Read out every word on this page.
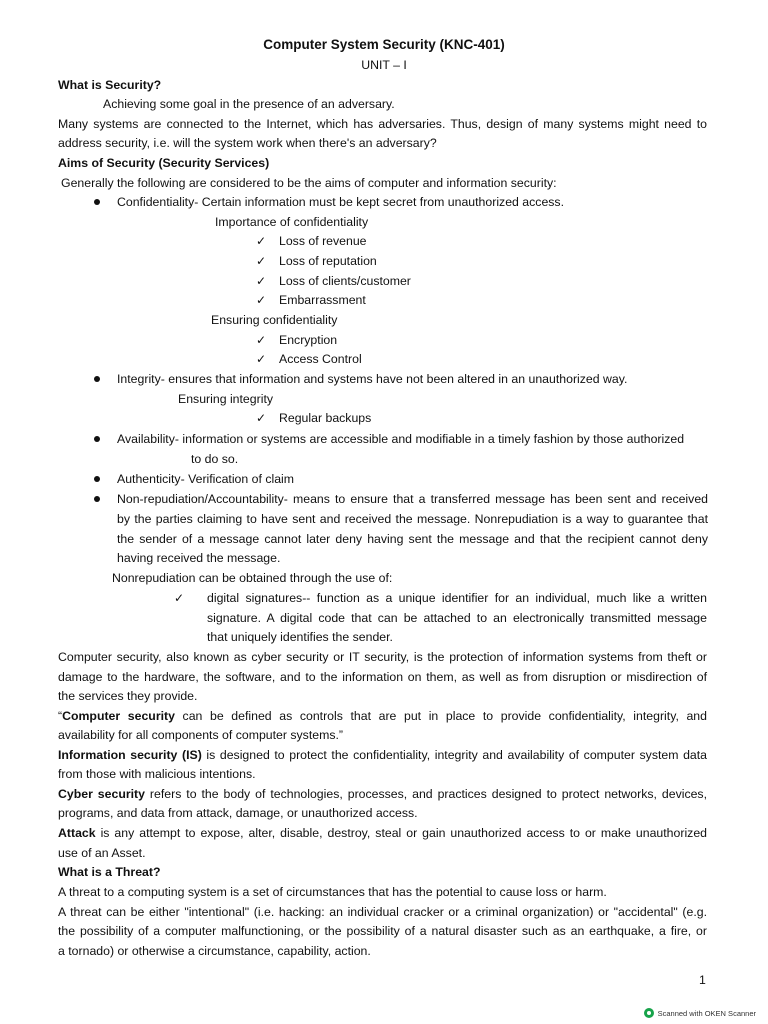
Computer System Security (KNC-401)
UNIT – I
What is Security?
Achieving some goal in the presence of an adversary.
Many systems are connected to the Internet, which has adversaries. Thus, design of many systems might need to
address security, i.e. will the system work when there's an adversary?
Aims of Security (Security Services)
Generally the following are considered to be the aims of computer and information security:
Confidentiality- Certain information must be kept secret from unauthorized access.
Importance of confidentiality
✓ Loss of revenue
✓ Loss of reputation
✓ Loss of clients/customer
✓ Embarrassment
Ensuring confidentiality
✓ Encryption
✓ Access Control
Integrity- ensures that information and systems have not been altered in an unauthorized way.
Ensuring integrity
✓ Regular backups
Availability- information or systems are accessible and modifiable in a timely fashion by those authorized
to do so.
Authenticity- Verification of claim
Non-repudiation/Accountability- means to ensure that a transferred message has been sent and received
by the parties claiming to have sent and received the message. Nonrepudiation is a way to guarantee that
the sender of a message cannot later deny having sent the message and that the recipient cannot deny
having received the message.
Nonrepudiation can be obtained through the use of:
✓ digital signatures-- function as a unique identifier for an individual, much like a written
signature. A digital code that can be attached to an electronically transmitted message
that uniquely identifies the sender.
Computer security, also known as cyber security or IT security, is the protection of information systems from theft or
damage to the hardware, the software, and to the information on them, as well as from disruption or misdirection of
the services they provide.
“Computer security can be defined as controls that are put in place to provide confidentiality, integrity, and
availability for all components of computer systems.”
Information security (IS) is designed to protect the confidentiality, integrity and availability of computer system data
from those with malicious intentions.
Cyber security refers to the body of technologies, processes, and practices designed to protect networks, devices,
programs, and data from attack, damage, or unauthorized access.
Attack is any attempt to expose, alter, disable, destroy, steal or gain unauthorized access to or make unauthorized
use of an Asset.
What is a Threat?
A threat to a computing system is a set of circumstances that has the potential to cause loss or harm.
A threat can be either "intentional" (i.e. hacking: an individual cracker or a criminal organization) or "accidental" (e.g.
the possibility of a computer malfunctioning, or the possibility of a natural disaster such as an earthquake, a fire, or
a tornado) or otherwise a circumstance, capability, action.
1
Scanned with OKEN Scanner
